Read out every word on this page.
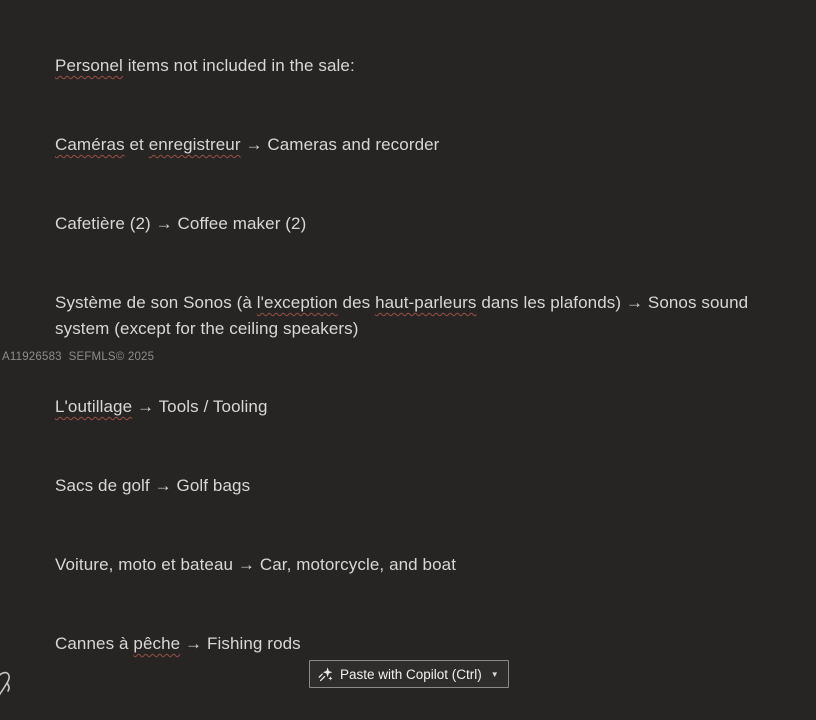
Personel items not included in the sale:
Caméras et enregistreur → Cameras and recorder
Cafetière (2) → Coffee maker (2)
Système de son Sonos (à l'exception des haut-parleurs dans les plafonds) → Sonos sound
system (except for the ceiling speakers)
L'outillage → Tools / Tooling
Sacs de golf → Golf bags
Voiture, moto et bateau → Car, motorcycle, and boat
Cannes à pêche → Fishing rods
A11926583  SEFMLS© 2025
Paste with Copilot (Ctrl) ▼
